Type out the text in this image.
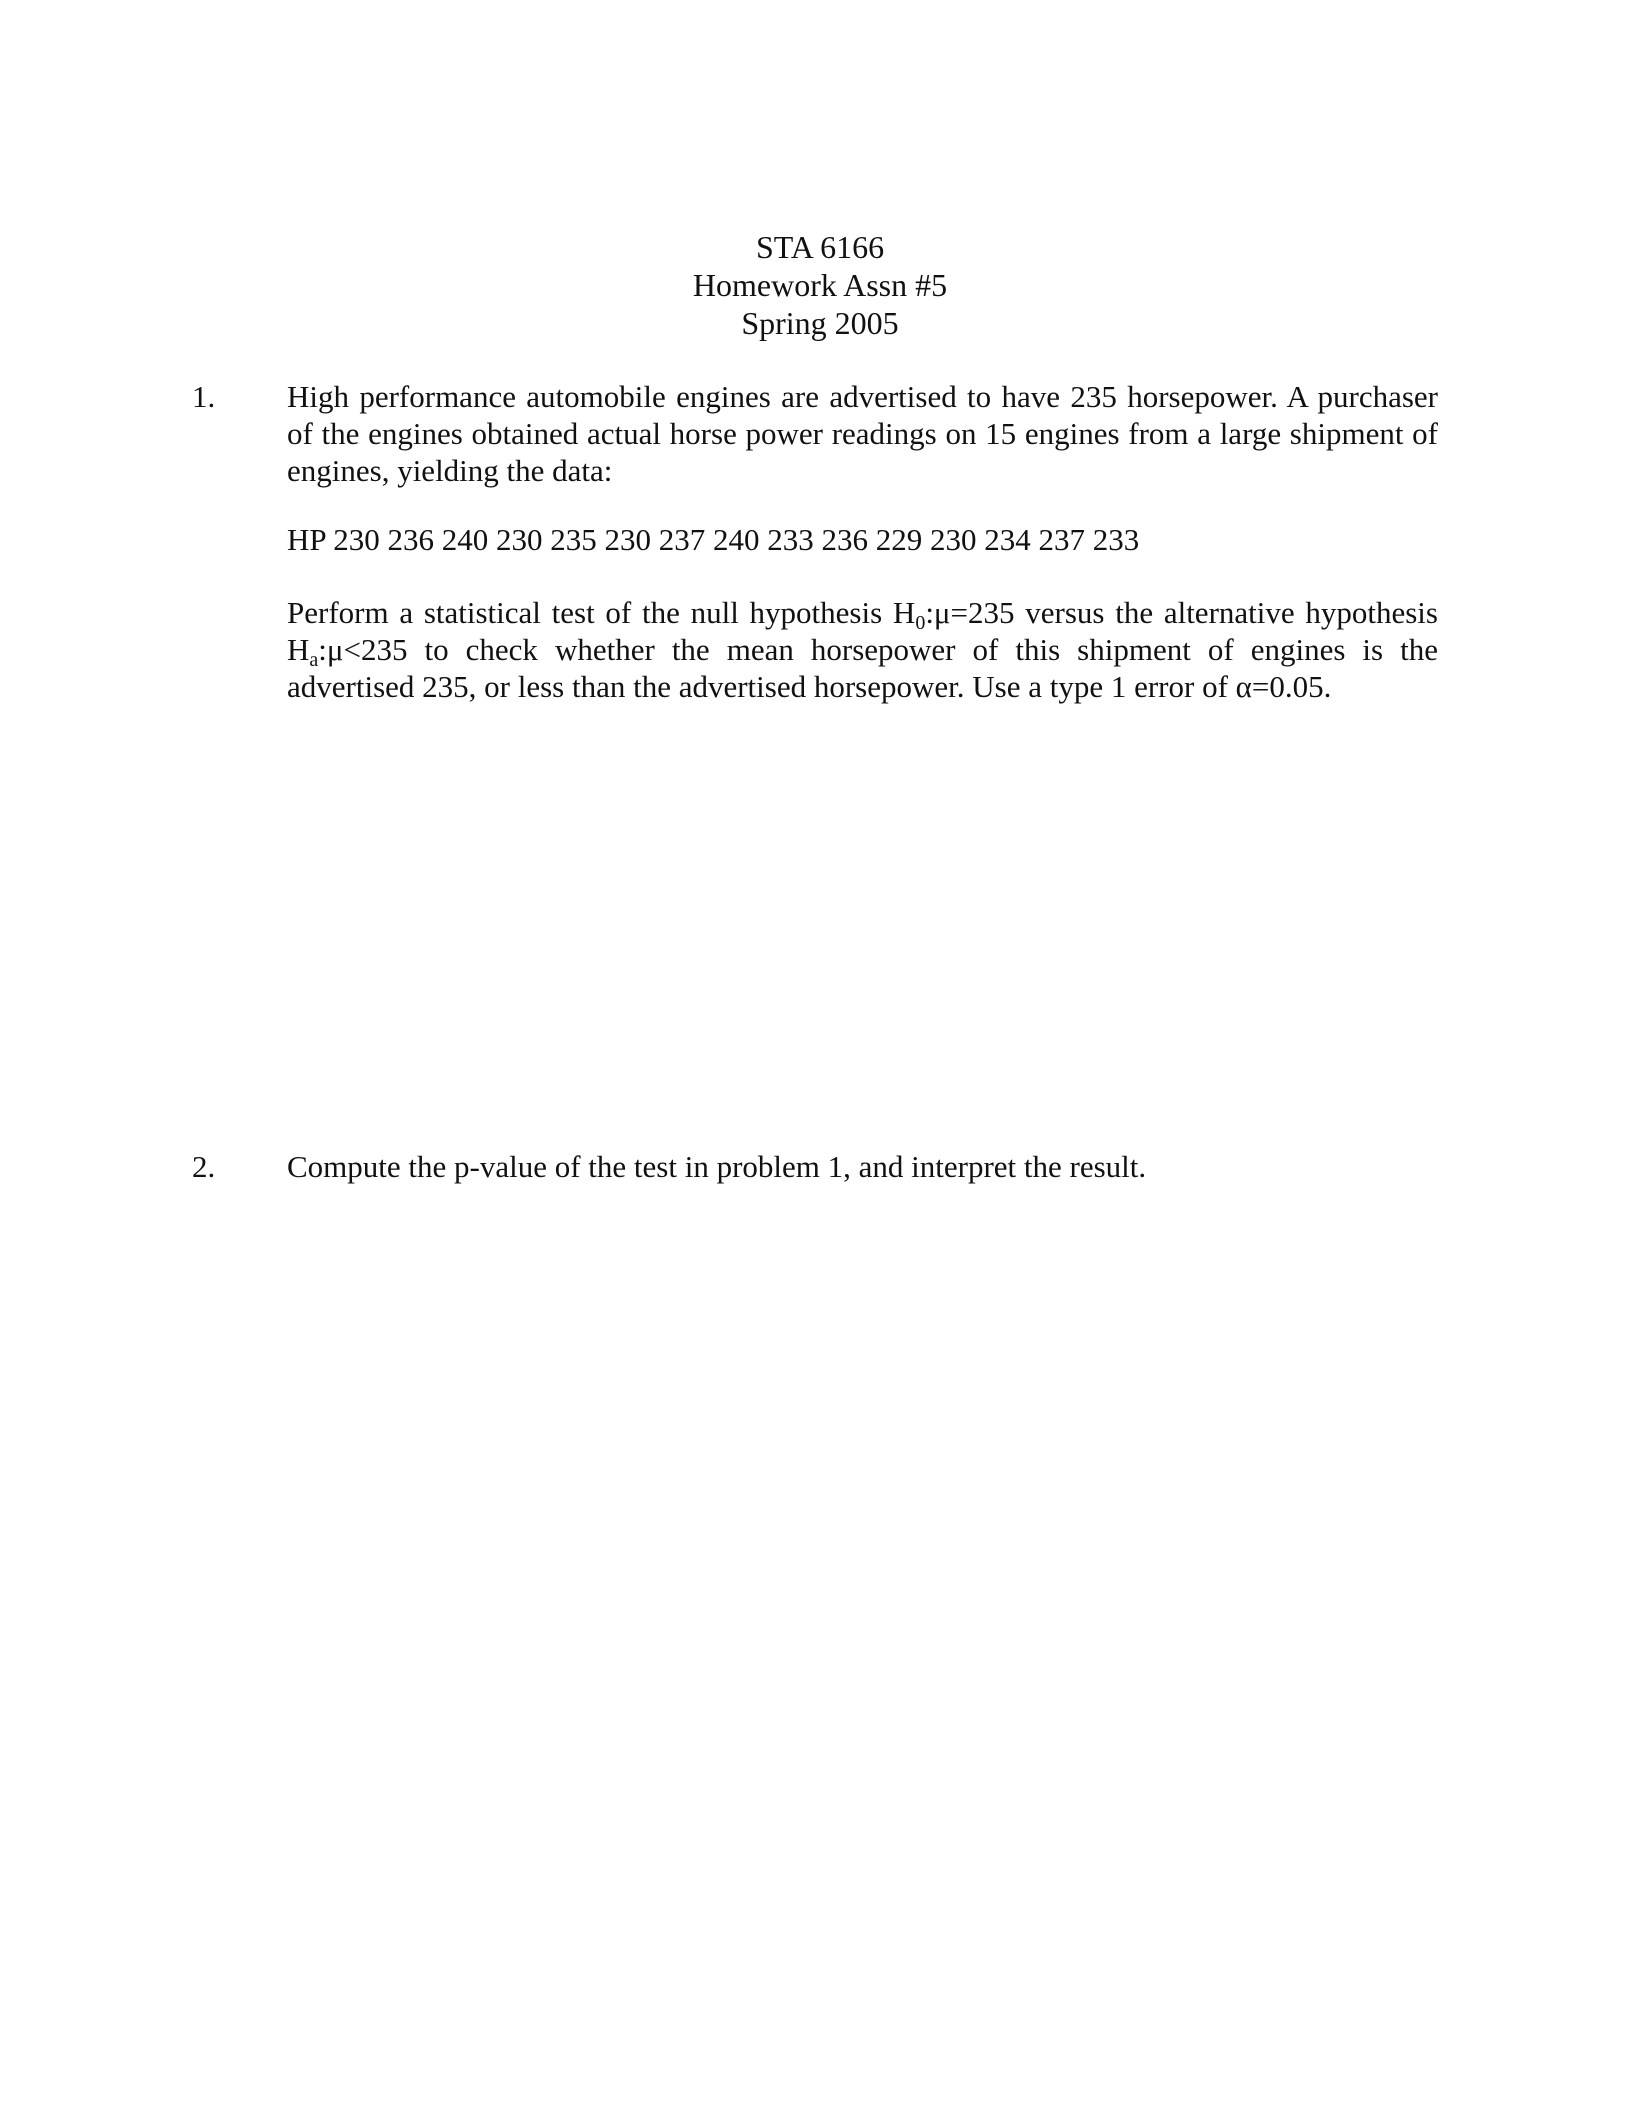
STA 6166
Homework Assn #5
Spring 2005
1. High performance automobile engines are advertised to have 235 horsepower. A purchaser of the engines obtained actual horse power readings on 15 engines from a large shipment of engines, yielding the data:

HP 230 236 240 230 235 230 237 240 233 236 229 230 234 237 233

Perform a statistical test of the null hypothesis $H_0:\mu=235$ versus the alternative hypothesis $H_a:\mu<235$ to check whether the mean horsepower of this shipment of engines is the advertised 235, or less than the advertised horsepower. Use a type 1 error of α=0.05.

2. Compute the p-value of the test in problem 1, and interpret the result.
